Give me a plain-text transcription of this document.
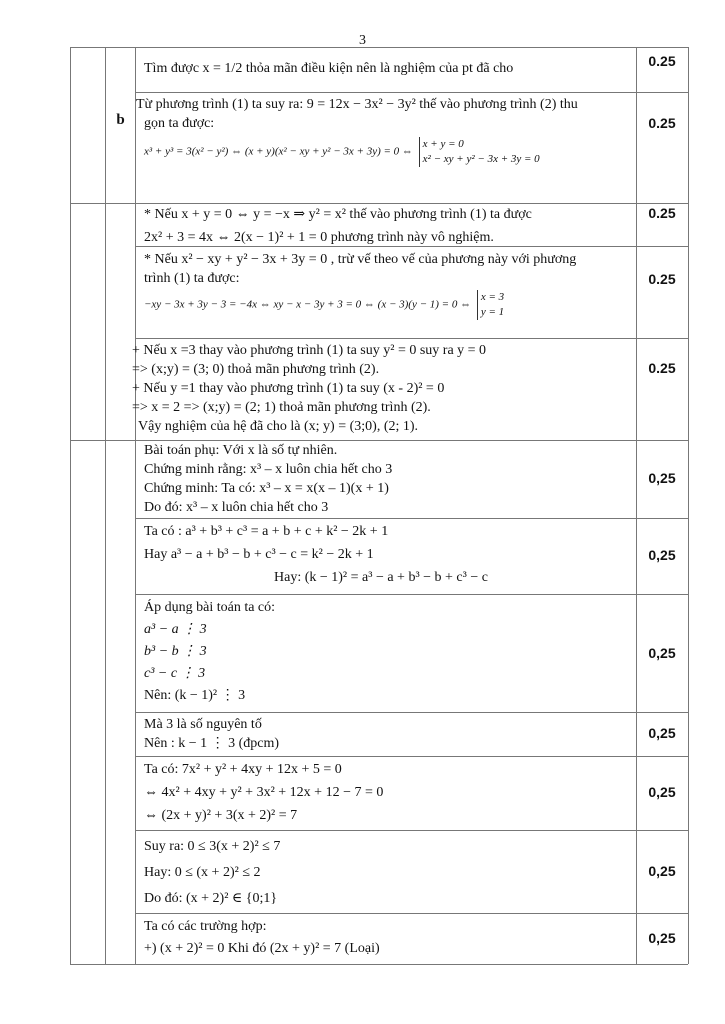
3
b
Tìm được x = 1/2 thỏa mãn điều kiện nên là nghiệm của pt đã cho	0.25
Từ phương trình (1) ta suy ra: 9 = 12x − 3x² − 3y² thế vào phương trình (2) thu
gọn ta được:
x³ + y³ = 3(x² − y²) ⇔ (x + y)(x² − xy + y² − 3x + 3y) = 0 ⇔
x + y = 0
x² − xy + y² − 3x + 3y = 0
0.25
* Nếu x + y = 0 ⇔ y = −x ⇒ y² = x² thế vào phương trình (1) ta được
2x² + 3 = 4x ⇔ 2(x − 1)² + 1 = 0 phương trình này vô nghiệm.
0.25
* Nếu x² − xy + y² − 3x + 3y = 0 , trừ vế theo vế của phương này với phương
trình (1) ta được:
−xy − 3x + 3y − 3 = −4x ⇔ xy − x − 3y + 3 = 0 ⇔ (x − 3)(y − 1) = 0 ⇔
x = 3
y = 1
0.25
+ Nếu x =3 thay vào phương trình (1) ta suy y² = 0 suy ra y = 0
=> (x;y) = (3; 0) thoả mãn phương trình (2).
+ Nếu y =1 thay vào phương trình (1) ta suy (x - 2)² = 0
=> x = 2 => (x;y) = (2; 1) thoả mãn phương trình (2).
Vậy nghiệm của hệ đã cho là (x; y) = (3;0), (2; 1).
0.25
Bài toán phụ: Với x là số tự nhiên.
Chứng minh rằng: x³ – x luôn chia hết cho 3
Chứng minh: Ta có: x³ – x = x(x – 1)(x + 1)
Do đó: x³ – x luôn chia hết cho 3
0,25
Ta có : a³ + b³ + c³ = a + b + c + k² − 2k + 1
Hay a³ − a + b³ − b + c³ − c = k² − 2k + 1
Hay: (k − 1)² = a³ − a + b³ − b + c³ − c
0,25
Áp dụng bài toán ta có:
a³ − a ⋮ 3
b³ − b ⋮ 3
c³ − c ⋮ 3
Nên: (k − 1)² ⋮ 3
0,25
Mà 3 là số nguyên tố
Nên : k − 1 ⋮ 3 (đpcm)
0,25
Ta có: 7x² + y² + 4xy + 12x + 5 = 0
⇔ 4x² + 4xy + y² + 3x² + 12x + 12 − 7 = 0
⇔ (2x + y)² + 3(x + 2)² = 7
0,25
Suy ra: 0 ≤ 3(x + 2)² ≤ 7
Hay: 0 ≤ (x + 2)² ≤ 2
Do đó: (x + 2)² ∈ {0;1}
0,25
Ta có các trường hợp:
+) (x + 2)² = 0 Khi đó (2x + y)² = 7 (Loại)
0,25
